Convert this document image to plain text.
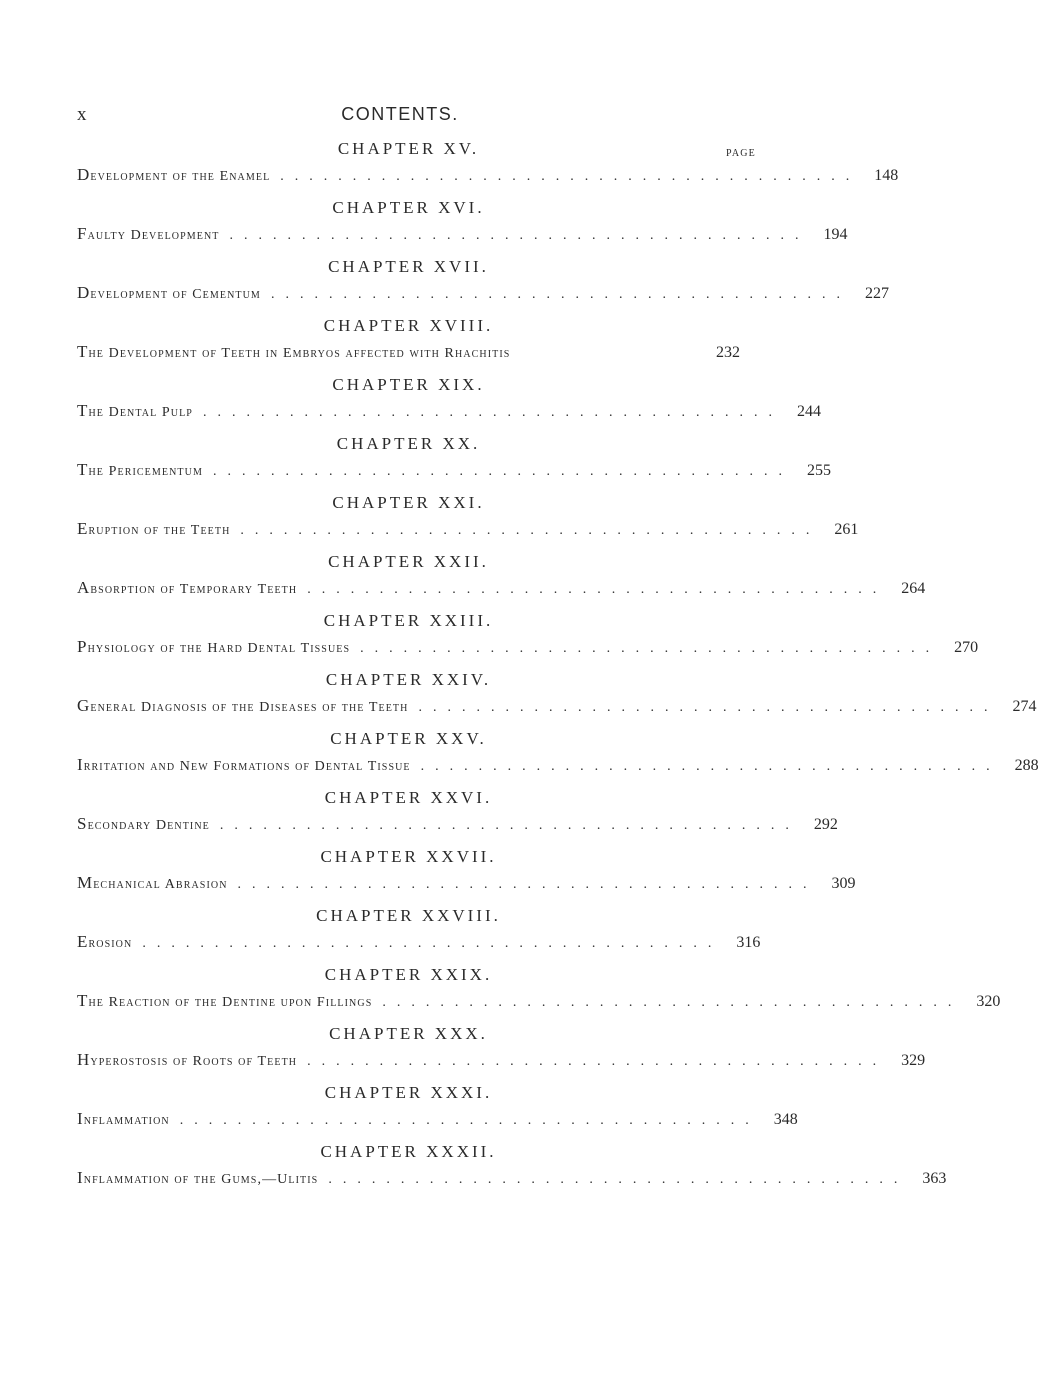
x	CONTENTS.
PAGE
CHAPTER XV.
Development of the Enamel ........................................ 148
CHAPTER XVI.
Faulty Development ........................................ 194
CHAPTER XVII.
Development of Cementum ........................................ 227
CHAPTER XVIII.
The Development of Teeth in Embryos affected with Rhachitis	232
CHAPTER XIX.
The Dental Pulp ........................................ 244
CHAPTER XX.
The Pericementum ........................................ 255
CHAPTER XXI.
Eruption of the Teeth ........................................ 261
CHAPTER XXII.
Absorption of Temporary Teeth ........................................ 264
CHAPTER XXIII.
Physiology of the Hard Dental Tissues ........................................ 270
CHAPTER XXIV.
General Diagnosis of the Diseases of the Teeth ........................................ 274
CHAPTER XXV.
Irritation and New Formations of Dental Tissue ........................................ 288
CHAPTER XXVI.
Secondary Dentine ........................................ 292
CHAPTER XXVII.
Mechanical Abrasion ........................................ 309
CHAPTER XXVIII.
Erosion ........................................ 316
CHAPTER XXIX.
The Reaction of the Dentine upon Fillings ........................................ 320
CHAPTER XXX.
Hyperostosis of Roots of Teeth ........................................ 329
CHAPTER XXXI.
Inflammation ........................................ 348
CHAPTER XXXII.
Inflammation of the Gums,—Ulitis ........................................ 363
